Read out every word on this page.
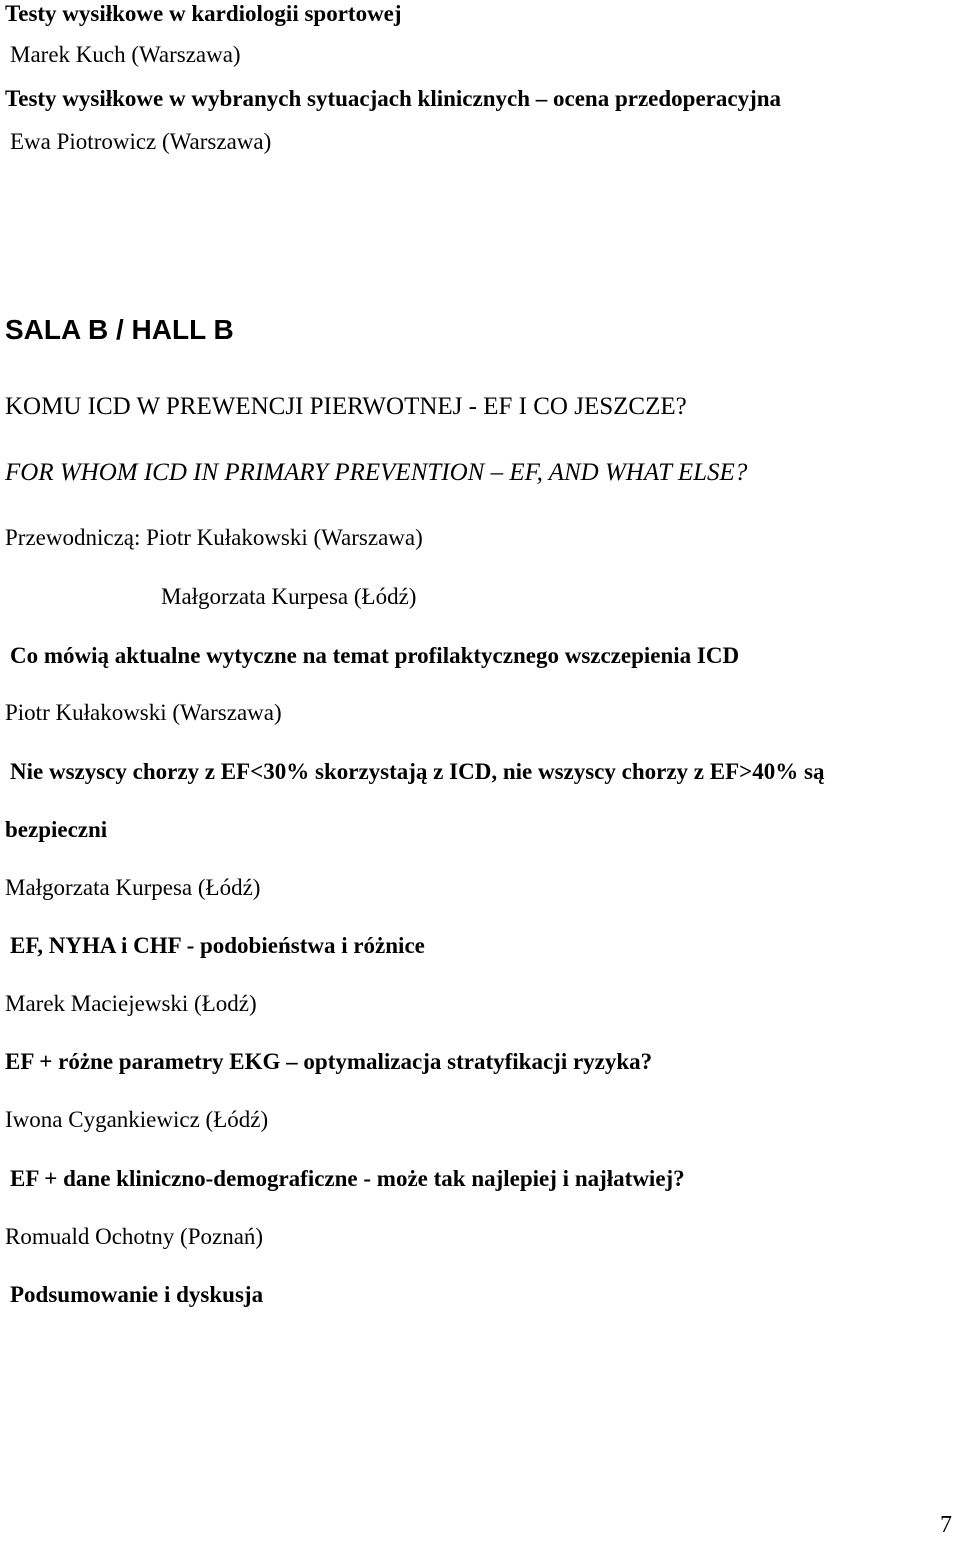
Testy wysiłkowe w kardiologii sportowej
Marek Kuch (Warszawa)
Testy wysiłkowe w wybranych sytuacjach klinicznych – ocena przedoperacyjna
Ewa Piotrowicz (Warszawa)
SALA B / HALL B
KOMU ICD W PREWENCJI PIERWOTNEJ - EF I CO JESZCZE?
FOR WHOM ICD IN PRIMARY PREVENTION – EF, AND WHAT ELSE?
Przewodniczą: Piotr Kułakowski (Warszawa)
Małgorzata Kurpesa (Łódź)
Co mówią aktualne wytyczne na temat profilaktycznego wszczepienia ICD
Piotr Kułakowski (Warszawa)
Nie wszyscy chorzy z EF<30% skorzystają z ICD, nie wszyscy chorzy z EF>40% są
bezpieczni
Małgorzata Kurpesa (Łódź)
EF, NYHA i CHF - podobieństwa i różnice
Marek Maciejewski (Łodź)
EF + różne parametry EKG – optymalizacja stratyfikacji ryzyka?
Iwona Cygankiewicz (Łódź)
EF + dane kliniczno-demograficzne - może tak najlepiej i najłatwiej?
Romuald Ochotny (Poznań)
Podsumowanie i dyskusja
7
